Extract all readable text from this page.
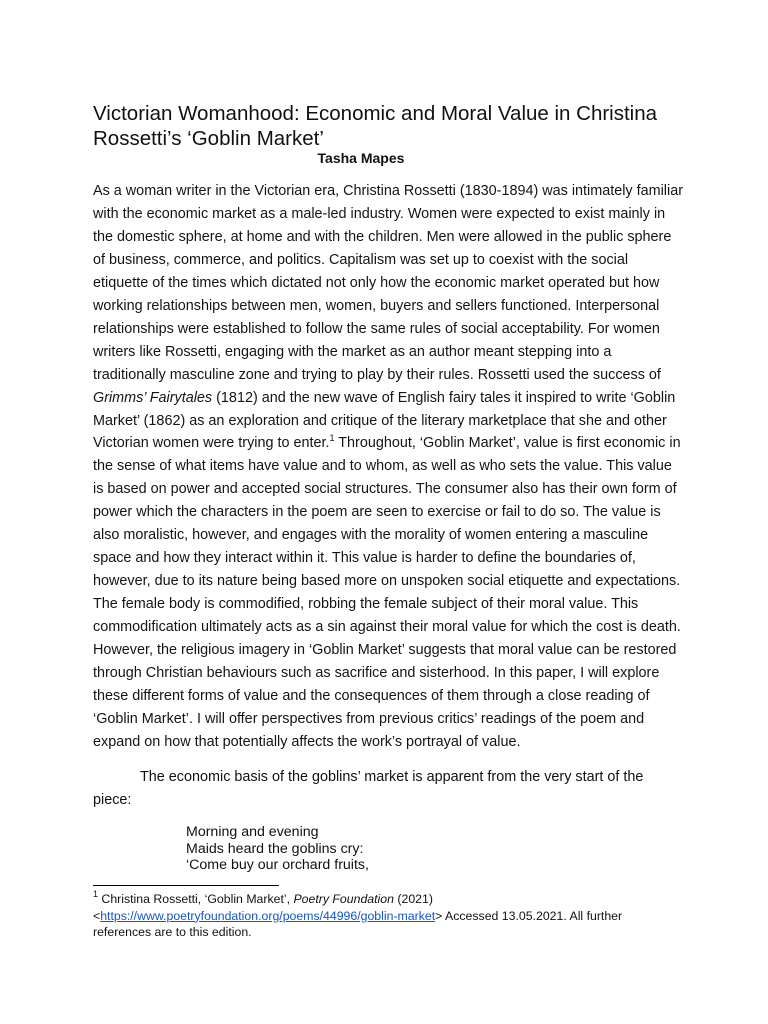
Victorian Womanhood: Economic and Moral Value in Christina
Rossetti’s ‘Goblin Market’
Tasha Mapes
As a woman writer in the Victorian era, Christina Rossetti (1830-1894) was intimately familiar
with the economic market as a male-led industry. Women were expected to exist mainly in
the domestic sphere, at home and with the children. Men were allowed in the public sphere
of business, commerce, and politics. Capitalism was set up to coexist with the social
etiquette of the times which dictated not only how the economic market operated but how
working relationships between men, women, buyers and sellers functioned. Interpersonal
relationships were established to follow the same rules of social acceptability. For women
writers like Rossetti, engaging with the market as an author meant stepping into a
traditionally masculine zone and trying to play by their rules. Rossetti used the success of
Grimms’ Fairytales (1812) and the new wave of English fairy tales it inspired to write ‘Goblin
Market’ (1862) as an exploration and critique of the literary marketplace that she and other
Victorian women were trying to enter.$^1$ Throughout, ‘Goblin Market’, value is first economic in
the sense of what items have value and to whom, as well as who sets the value. This value
is based on power and accepted social structures. The consumer also has their own form of
power which the characters in the poem are seen to exercise or fail to do so. The value is
also moralistic, however, and engages with the morality of women entering a masculine
space and how they interact within it. This value is harder to define the boundaries of,
however, due to its nature being based more on unspoken social etiquette and expectations.
The female body is commodified, robbing the female subject of their moral value. This
commodification ultimately acts as a sin against their moral value for which the cost is death.
However, the religious imagery in ‘Goblin Market’ suggests that moral value can be restored
through Christian behaviours such as sacrifice and sisterhood. In this paper, I will explore
these different forms of value and the consequences of them through a close reading of
‘Goblin Market’. I will offer perspectives from previous critics’ readings of the poem and
expand on how that potentially affects the work’s portrayal of value.
The economic basis of the goblins’ market is apparent from the very start of the
piece:
Morning and evening
Maids heard the goblins cry:
‘Come buy our orchard fruits,
$^1$ Christina Rossetti, ‘Goblin Market’, Poetry Foundation (2021)
<https://www.poetryfoundation.org/poems/44996/goblin-market> Accessed 13.05.2021. All further
references are to this edition.
